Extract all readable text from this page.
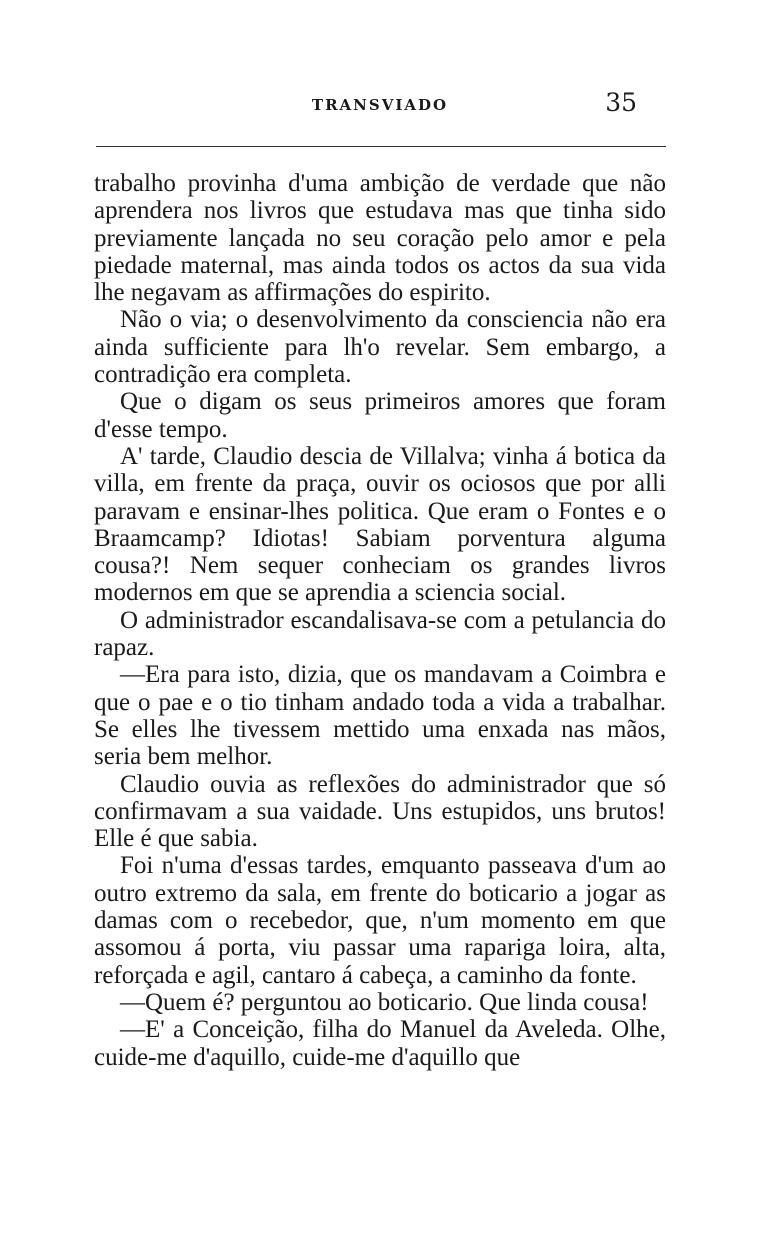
TRANSVIADO	35

trabalho provinha d'uma ambição de verdade que não aprendera nos livros que estudava mas que tinha sido previamente lançada no seu coração pelo amor e pela piedade maternal, mas ainda todos os actos da sua vida lhe negavam as affirmações do espirito.

Não o via; o desenvolvimento da consciencia não era ainda sufficiente para lh'o revelar. Sem embargo, a contradição era completa.

Que o digam os seus primeiros amores que foram d'esse tempo.

A' tarde, Claudio descia de Villalva; vinha á botica da villa, em frente da praça, ouvir os ociosos que por alli paravam e ensinar-lhes politica. Que eram o Fontes e o Braamcamp? Idiotas! Sabiam porventura alguma cousa?! Nem sequer conheciam os grandes livros modernos em que se aprendia a sciencia social.

O administrador escandalisava-se com a petulancia do rapaz.

—Era para isto, dizia, que os mandavam a Coimbra e que o pae e o tio tinham andado toda a vida a trabalhar. Se elles lhe tivessem mettido uma enxada nas mãos, seria bem melhor.

Claudio ouvia as reflexões do administrador que só confirmavam a sua vaidade. Uns estupidos, uns brutos! Elle é que sabia.

Foi n'uma d'essas tardes, emquanto passeava d'um ao outro extremo da sala, em frente do boticario a jogar as damas com o recebedor, que, n'um momento em que assomou á porta, viu passar uma rapariga loira, alta, reforçada e agil, cantaro á cabeça, a caminho da fonte.

—Quem é? perguntou ao boticario. Que linda cousa!

—E' a Conceição, filha do Manuel da Aveleda. Olhe, cuide-me d'aquillo, cuide-me d'aquillo que
